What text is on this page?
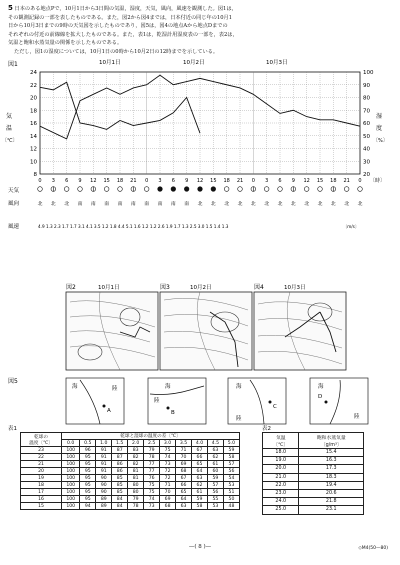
5 日本のある地点Pで，10月1日から3日間の気温，湿度，天気，風向，風速を観測した。図1は，

その観測記録の一部を表したものである。また，図2から図4までは，日本付近の同じ年の10月1

日から10月3日までの9時の天気図を示したものであり，図5は，図4の地点Aから地点Dまでの

それぞれの付近の前線線を拡大したものである。また，表1は，乾湿計用湿度表の一部を，表2は，

気温と飽和水蒸気量の関係を示したものである。

ただし，図1の湿度については，10月1日の0時から10月2日の12時までを示している。

図1	10月1日	10月2日	10月3日
24
22
20
18
16
14
12
10
8
100
90
80
70
60
50
40
30
20
0 3 6 9 12 15 18 21 0 3 6 9 12 15 18 21 0 3 6 9 12 15 18 21 0
気
温
〔℃〕
湿
度
〔%〕
〔時〕
天気
風向	北 北 北 南 南 南 南 南 南 南 南 南 北 北 北 北 北 北 北 北 北 北 北 北 北
風速	4.9 1.3 2.3 1.7 1.7 3.1 4.1 3.5 1.2 1.8 4.4 5.1 1.6 1.2 1.2 2.6 1.9 1.7 1.3 2.5 3.0 1.5 1.4 1.3	〔m/s〕
図2	10月1日	図3	10月2日	図4	10月3日
図5
海	陸
A
海
陸
B
海
陸
C
海
陸
D
表1
乾球の
温度〔℃〕	乾球と湿球の温度の差〔℃〕										
	0.0	0.5	1.0	1.5	2.0	2.5	3.0	3.5	4.0	4.5	5.0
23	100	96	91	87	83	79	75	71	67	63	59
22	100	95	91	87	82	78	74	70	66	62	58
21	100	95	91	86	82	77	73	69	65	61	57
20	100	95	91	86	81	77	72	68	64	60	56
19	100	95	90	85	81	76	72	67	63	59	54
18	100	95	90	85	80	75	71	66	62	57	53
17	100	95	90	85	80	75	70	65	61	56	51
16	100	95	89	84	79	74	69	64	59	55	50
15	100	94	89	84	78	73	68	63	58	53	48
表2
気温
〔℃〕	飽和水蒸気量
〔g/m³〕
18.0	15.4
19.0	16.3
20.0	17.3
21.0	18.3
22.0	19.4
23.0	20.6
24.0	21.8
25.0	23.1
—( 8 )—	◇M4(50—80)
